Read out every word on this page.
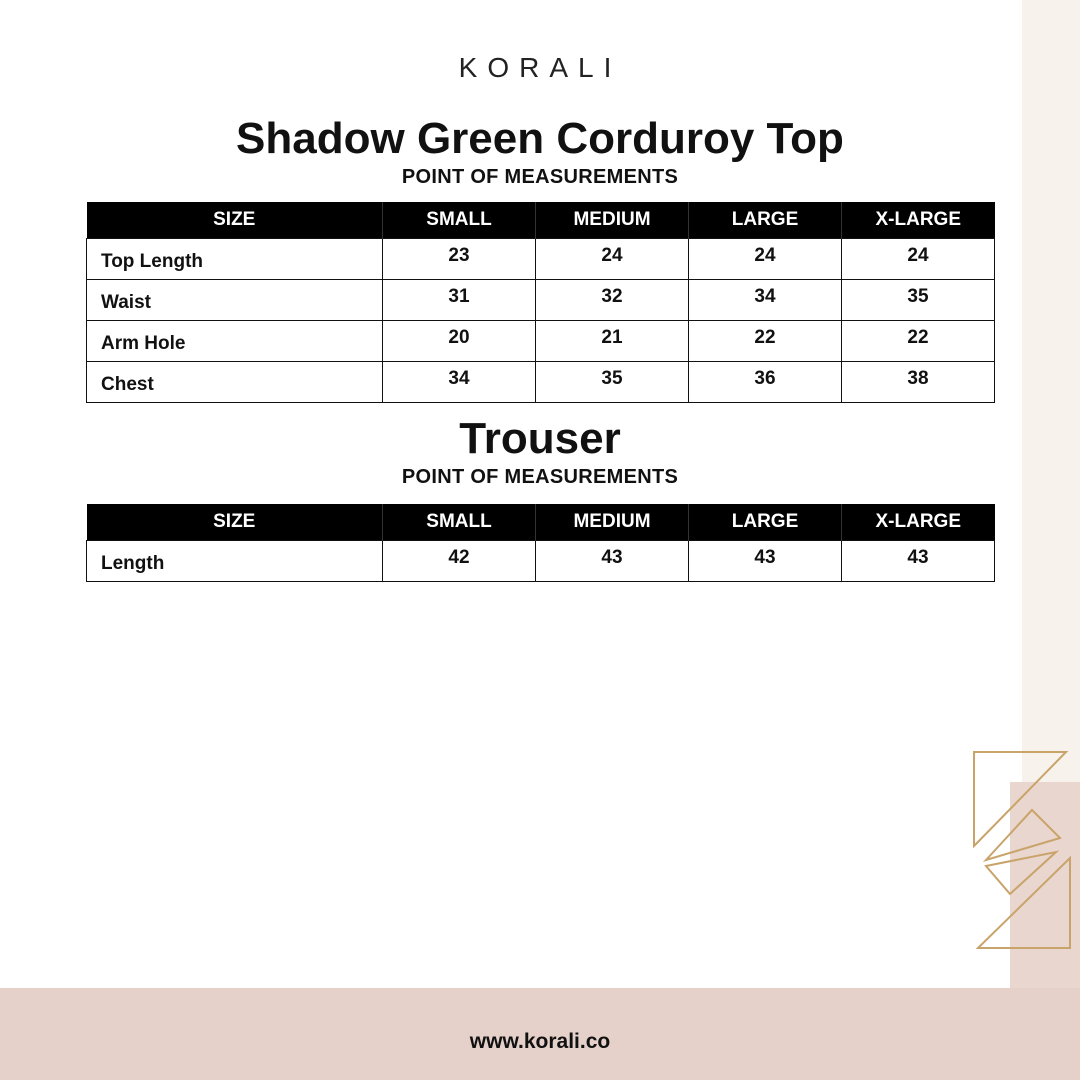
KORALI
Shadow Green Corduroy Top
POINT OF MEASUREMENTS
SIZE	SMALL	MEDIUM	LARGE	X-LARGE
Top Length	23	24	24	24
Waist	31	32	34	35
Arm Hole	20	21	22	22
Chest	34	35	36	38
Trouser
POINT OF MEASUREMENTS
SIZE	SMALL	MEDIUM	LARGE	X-LARGE
Length	42	43	43	43
www.korali.co
